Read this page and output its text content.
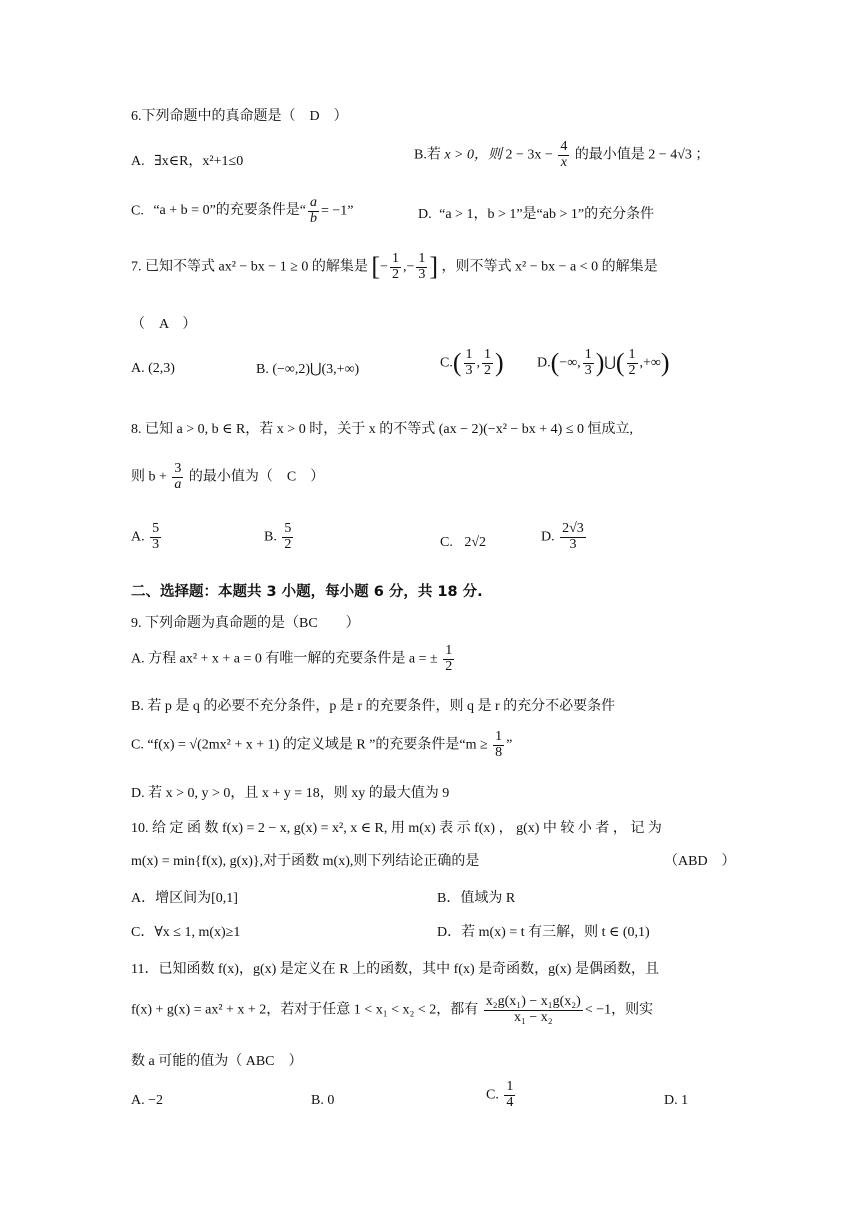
6.下列命题中的真命题是（　D　）
A. ∃x∈R，x²+1≤0	B.若 x > 0，则 $2 - 3x - \frac{4}{x}$ 的最小值是 2 − 4√3 ；
C. “a + b = 0”的充要条件是“ $\frac{a}{b} = -1$”	D. “a > 1，b > 1”是“ab > 1”的充分条件
7. 已知不等式 ax² − bx − 1 ≥ 0 的解集是 [− $\frac{1}{2}$ ,− $\frac{1}{3}$ ] ，则不等式 x² − bx − a < 0 的解集是
（　A　）
A. (2,3)	B. (−∞,2)⋃(3,+∞)	$C.( \frac{1}{3}$ , $\frac{1}{2}$ ) D.(−∞, $\frac{1}{3}$ )⋃( $\frac{1}{2}$ ,+∞)
8. 已知 a > 0, b ∈ R，若 x > 0 时，关于 x 的不等式 (ax − 2)(−x² − bx + 4) ≤ 0 恒成立,
则 $b + \frac{3}{a}$ 的最小值为（　C　）
A. $\frac{5}{3}$	B. $\frac{5}{2}$	C. 2√2	D. $\frac{2√3}{3}$
二、选择题：本题共 3 小题，每小题 6 分，共 18 分.
9. 下列命题为真命题的是（BC　　）
A. 方程 ax² + x + a = 0 有唯一解的充要条件是 a = ± $\frac{1}{2}$
B. 若 p 是 q 的必要不充分条件，p 是 r 的充要条件，则 q 是 r 的充分不必要条件
C. “f(x) = √(2mx² + x + 1) 的定义域是 R ”的充要条件是“$m \ge \frac{1}{8}$ ”
D. 若 x > 0, y > 0，且 x + y = 18，则 xy 的最大值为 9
10. 给 定 函 数 f(x) = 2 − x, g(x) = x², x ∈ R, 用 m(x) 表 示 f(x) ， g(x) 中 较 小 者 ， 记 为
m(x) = min{f(x), g(x)},对于函数 m(x),则下列结论正确的是	（ABD　）
A．增区间为[0,1]	B．值域为 R
C．∀x ≤ 1, m(x)≥1	D．若 m(x) = t 有三解，则 t ∈ (0,1)
11．已知函数 f(x)，g(x) 是定义在 R 上的函数，其中 f(x) 是奇函数，g(x) 是偶函数，且
f(x) + g(x) = ax² + x + 2，若对于任意 1 < x₁ < x₂ < 2，都有 $\frac{\text{x₂g(x₁) − x₁g(x₂)}}{\text{x₁ − x₂}} < -1$，则实
数 a 可能的值为（ ABC　）
A. −2	B. 0	C. $\frac{1}{4}$	D. 1
